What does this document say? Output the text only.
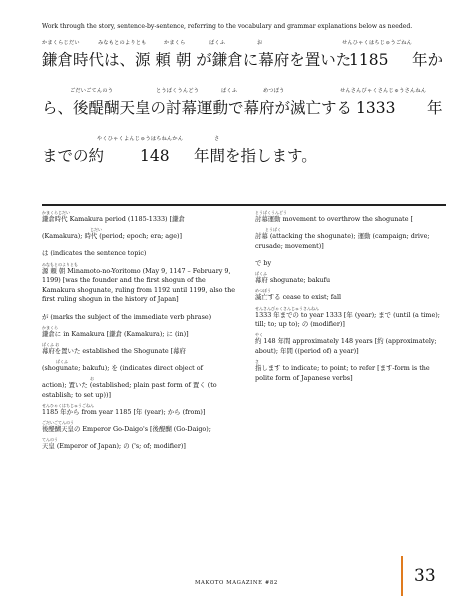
Work through the story, sentence-by-sentence, referring to the vocabulary and grammar explanations below as needed.
かまくらじだい	みなもとのよりとも	かまくら	ばくふ	お	せんひゃくはちじゅうごねん
鎌倉時代は、源 頼 朝 が鎌倉に幕府を置いた
1185 年か
ごだいごてんのう	とうばくうんどう	ばくふ	めつぼう	せんさんびゃくさんじゅうさんねん
ら、後醍醐天皇の討幕運動で幕府が滅亡する 1333 年
やくひゃくよんじゅうはちねんかん	さ
までの約 148 年間を指します。
かまくらじだい
鎌倉時代 Kamakura period (1185-1333) [鎌倉
じだい
(Kamakura); 時代 (period; epoch; era; age)]
は (indicates the sentence topic)
みなもとのよりとも
源 頼 朝 Minamoto-no-Yoritomo (May 9, 1147 – February 9, 1199) [was the founder and the first shogun of the Kamakura shogunate, ruling from 1192 until 1199, also the first ruling shogun in the history of Japan]
が (marks the subject of the immediate verb phrase)
かまくら
鎌倉に in Kamakura [鎌倉 (Kamakura); に (in)]
ばくふ お
幕府を置いた established the Shogunate [幕府
ばくふ
(shogunate; bakufu); を (indicates direct object of
お
action); 置いた (established; plain past form of 置く (to establish; to set up))]
せんひゃくはちじゅうごねん
1185 年から from year 1185 [年 (year); から (from)]
ごだいごてんのう
後醍醐天皇の Emperor Go-Daigo's [後醍醐 (Go-Daigo);
てんのう
天皇 (Emperor of Japan); の ('s; of; modifier)]
とうばくうんどう
討幕運動 movement to overthrow the shogunate [
とうばく
討幕 (attacking the shogunate); 運動 (campaign; drive; crusade; movement)]
で by
ばくふ
幕府 shogunate; bakufu
めつぼう
滅亡する cease to exist; fall
せんさんびゃくさんじゅうさんねん
1333 年までの to year 1333 [年 (year); まで (until (a time); till; to; up to); の (modifier)]
やく
約 148 年間 approximately 148 years [約 (approximately; about); 年間 ((period of) a year)]
さ
指します to indicate; to point; to refer [ます-form is the polite form of Japanese verbs]
MAKOTO MAGAZINE #82	33
